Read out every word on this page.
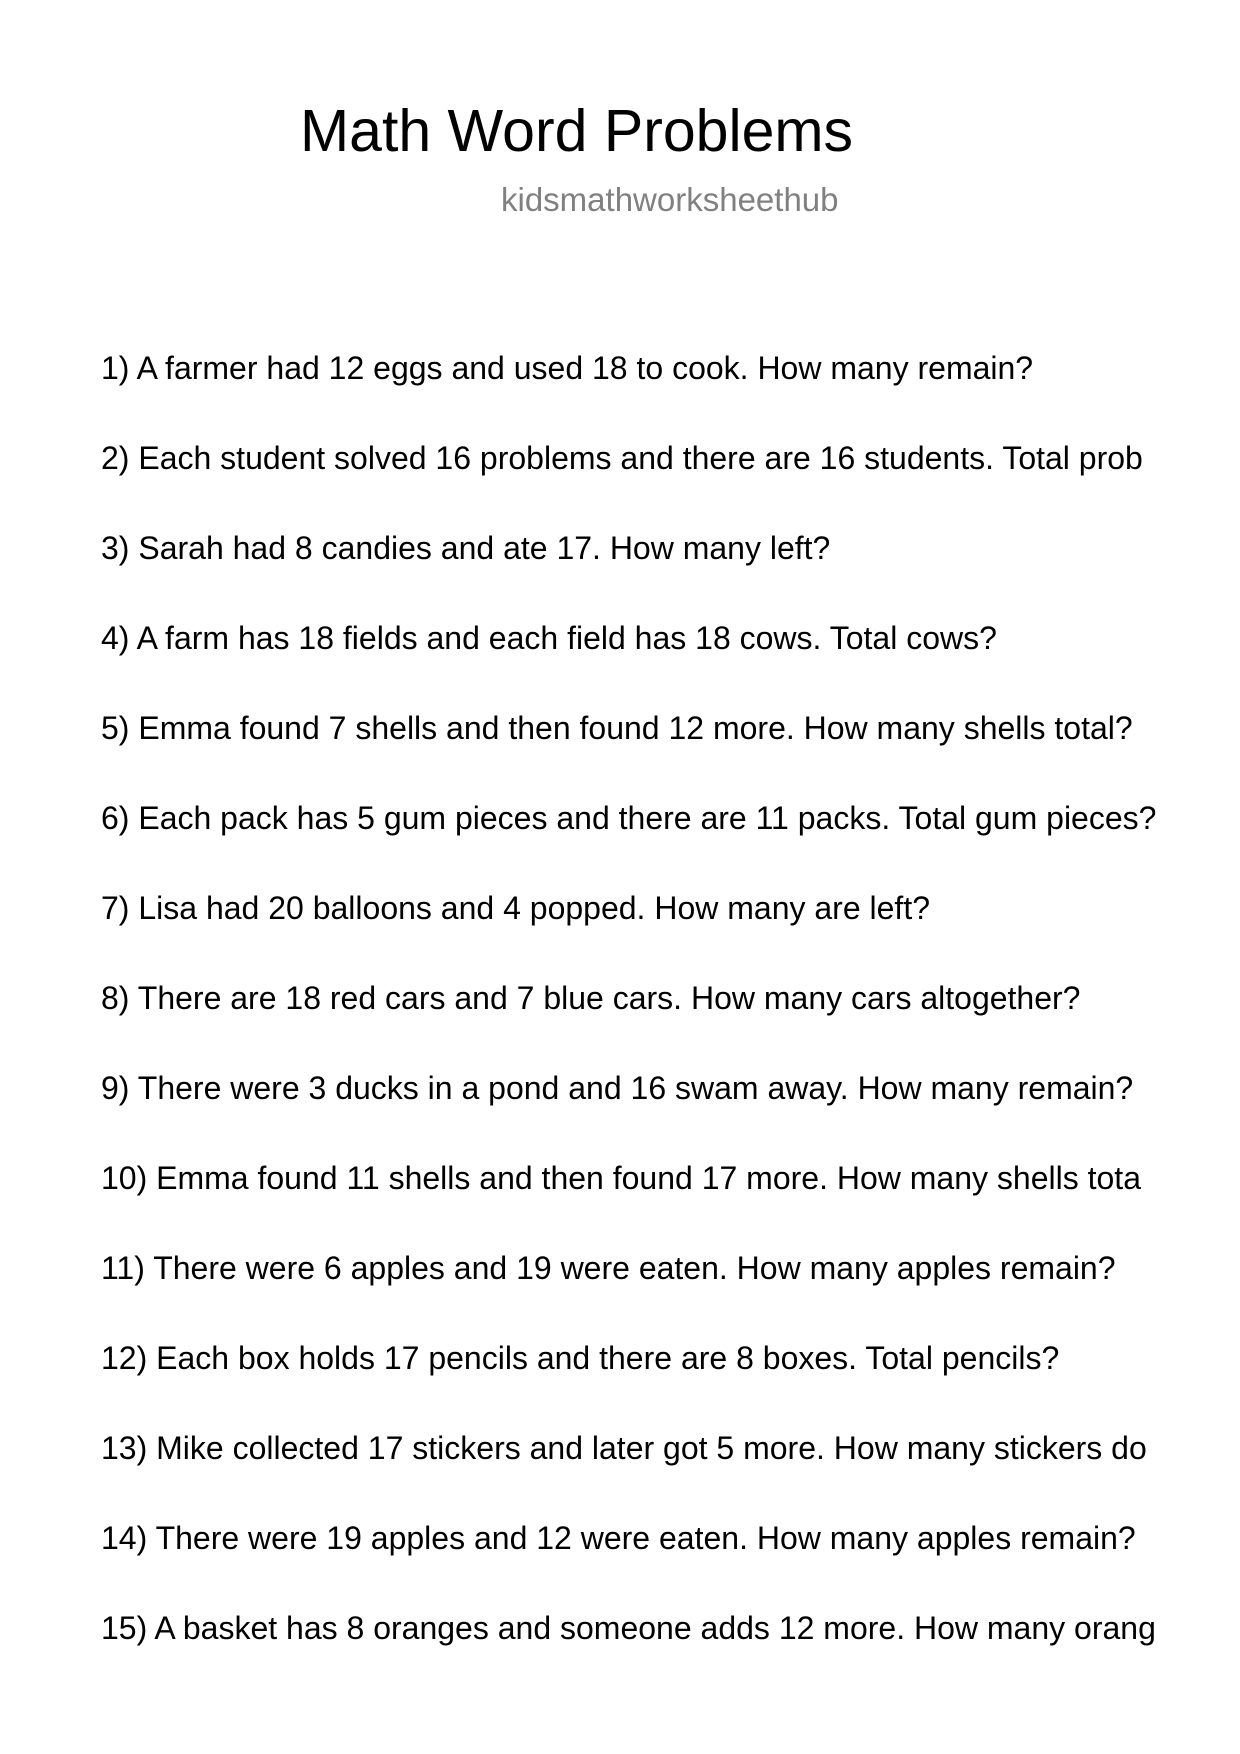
Math Word Problems
kidsmathworksheethub
1) A farmer had 12 eggs and used 18 to cook. How many remain?
2) Each student solved 16 problems and there are 16 students. Total prob
3) Sarah had 8 candies and ate 17. How many left?
4) A farm has 18 fields and each field has 18 cows. Total cows?
5) Emma found 7 shells and then found 12 more. How many shells total?
6) Each pack has 5 gum pieces and there are 11 packs. Total gum pieces?
7) Lisa had 20 balloons and 4 popped. How many are left?
8) There are 18 red cars and 7 blue cars. How many cars altogether?
9) There were 3 ducks in a pond and 16 swam away. How many remain?
10) Emma found 11 shells and then found 17 more. How many shells tota
11) There were 6 apples and 19 were eaten. How many apples remain?
12) Each box holds 17 pencils and there are 8 boxes. Total pencils?
13) Mike collected 17 stickers and later got 5 more. How many stickers do
14) There were 19 apples and 12 were eaten. How many apples remain?
15) A basket has 8 oranges and someone adds 12 more. How many orang
